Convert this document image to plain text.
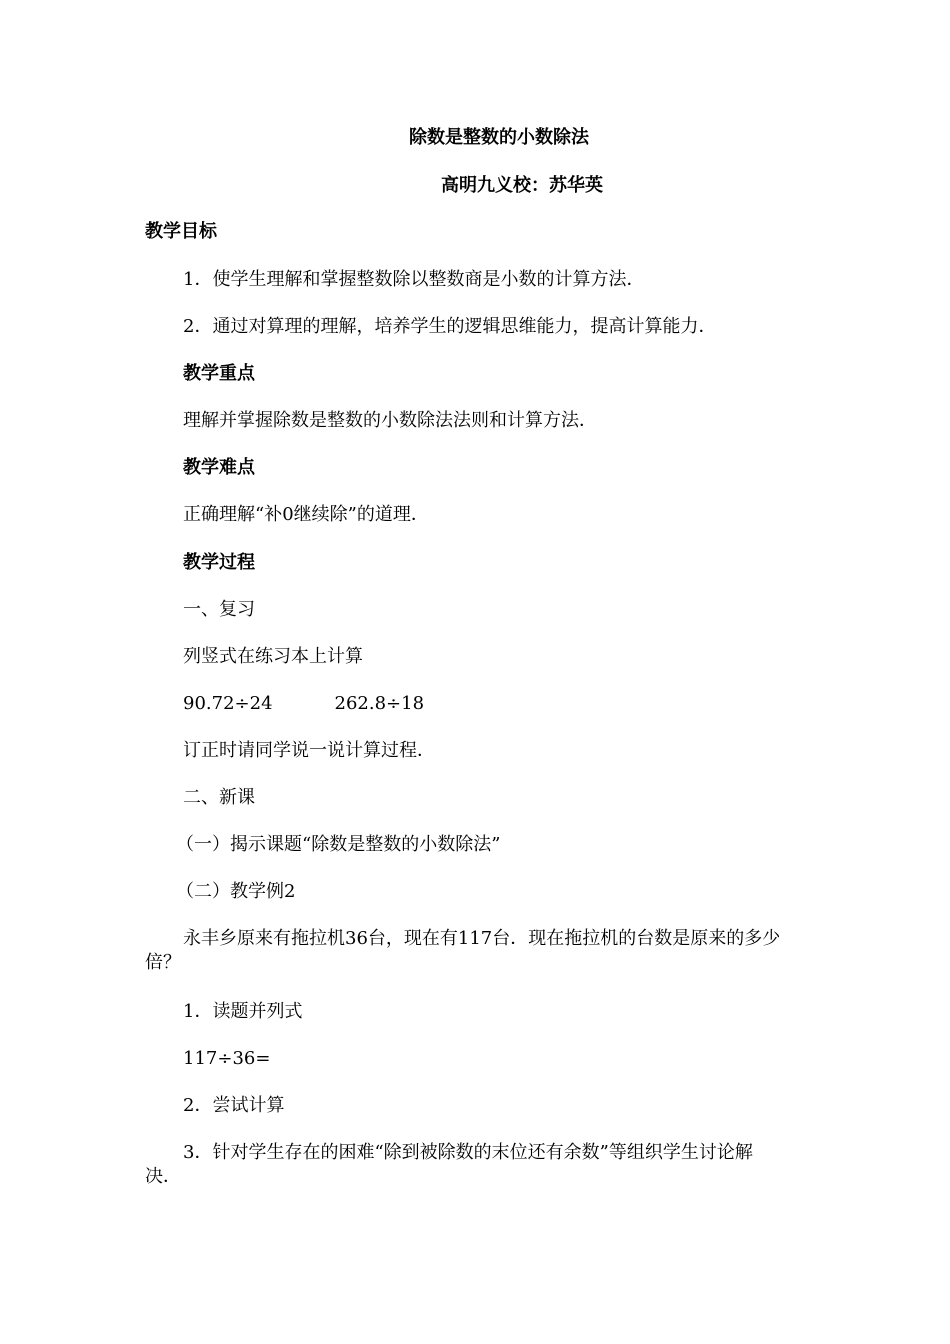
除数是整数的小数除法
高明九义校：苏华英
教学目标
1．使学生理解和掌握整数除以整数商是小数的计算方法．
2．通过对算理的理解，培养学生的逻辑思维能力，提高计算能力．
教学重点
理解并掌握除数是整数的小数除法法则和计算方法．
教学难点
正确理解“补0继续除”的道理．
教学过程
一、复习
列竖式在练习本上计算
90.72÷24	262.8÷18
订正时请同学说一说计算过程．
二、新课
（一）揭示课题“除数是整数的小数除法”
（二）教学例2
永丰乡原来有拖拉机36台，现在有117台．现在拖拉机的台数是原来的多少
倍？
1．读题并列式
117÷36=
2．尝试计算
3．针对学生存在的困难“除到被除数的末位还有余数”等组织学生讨论解
决．
